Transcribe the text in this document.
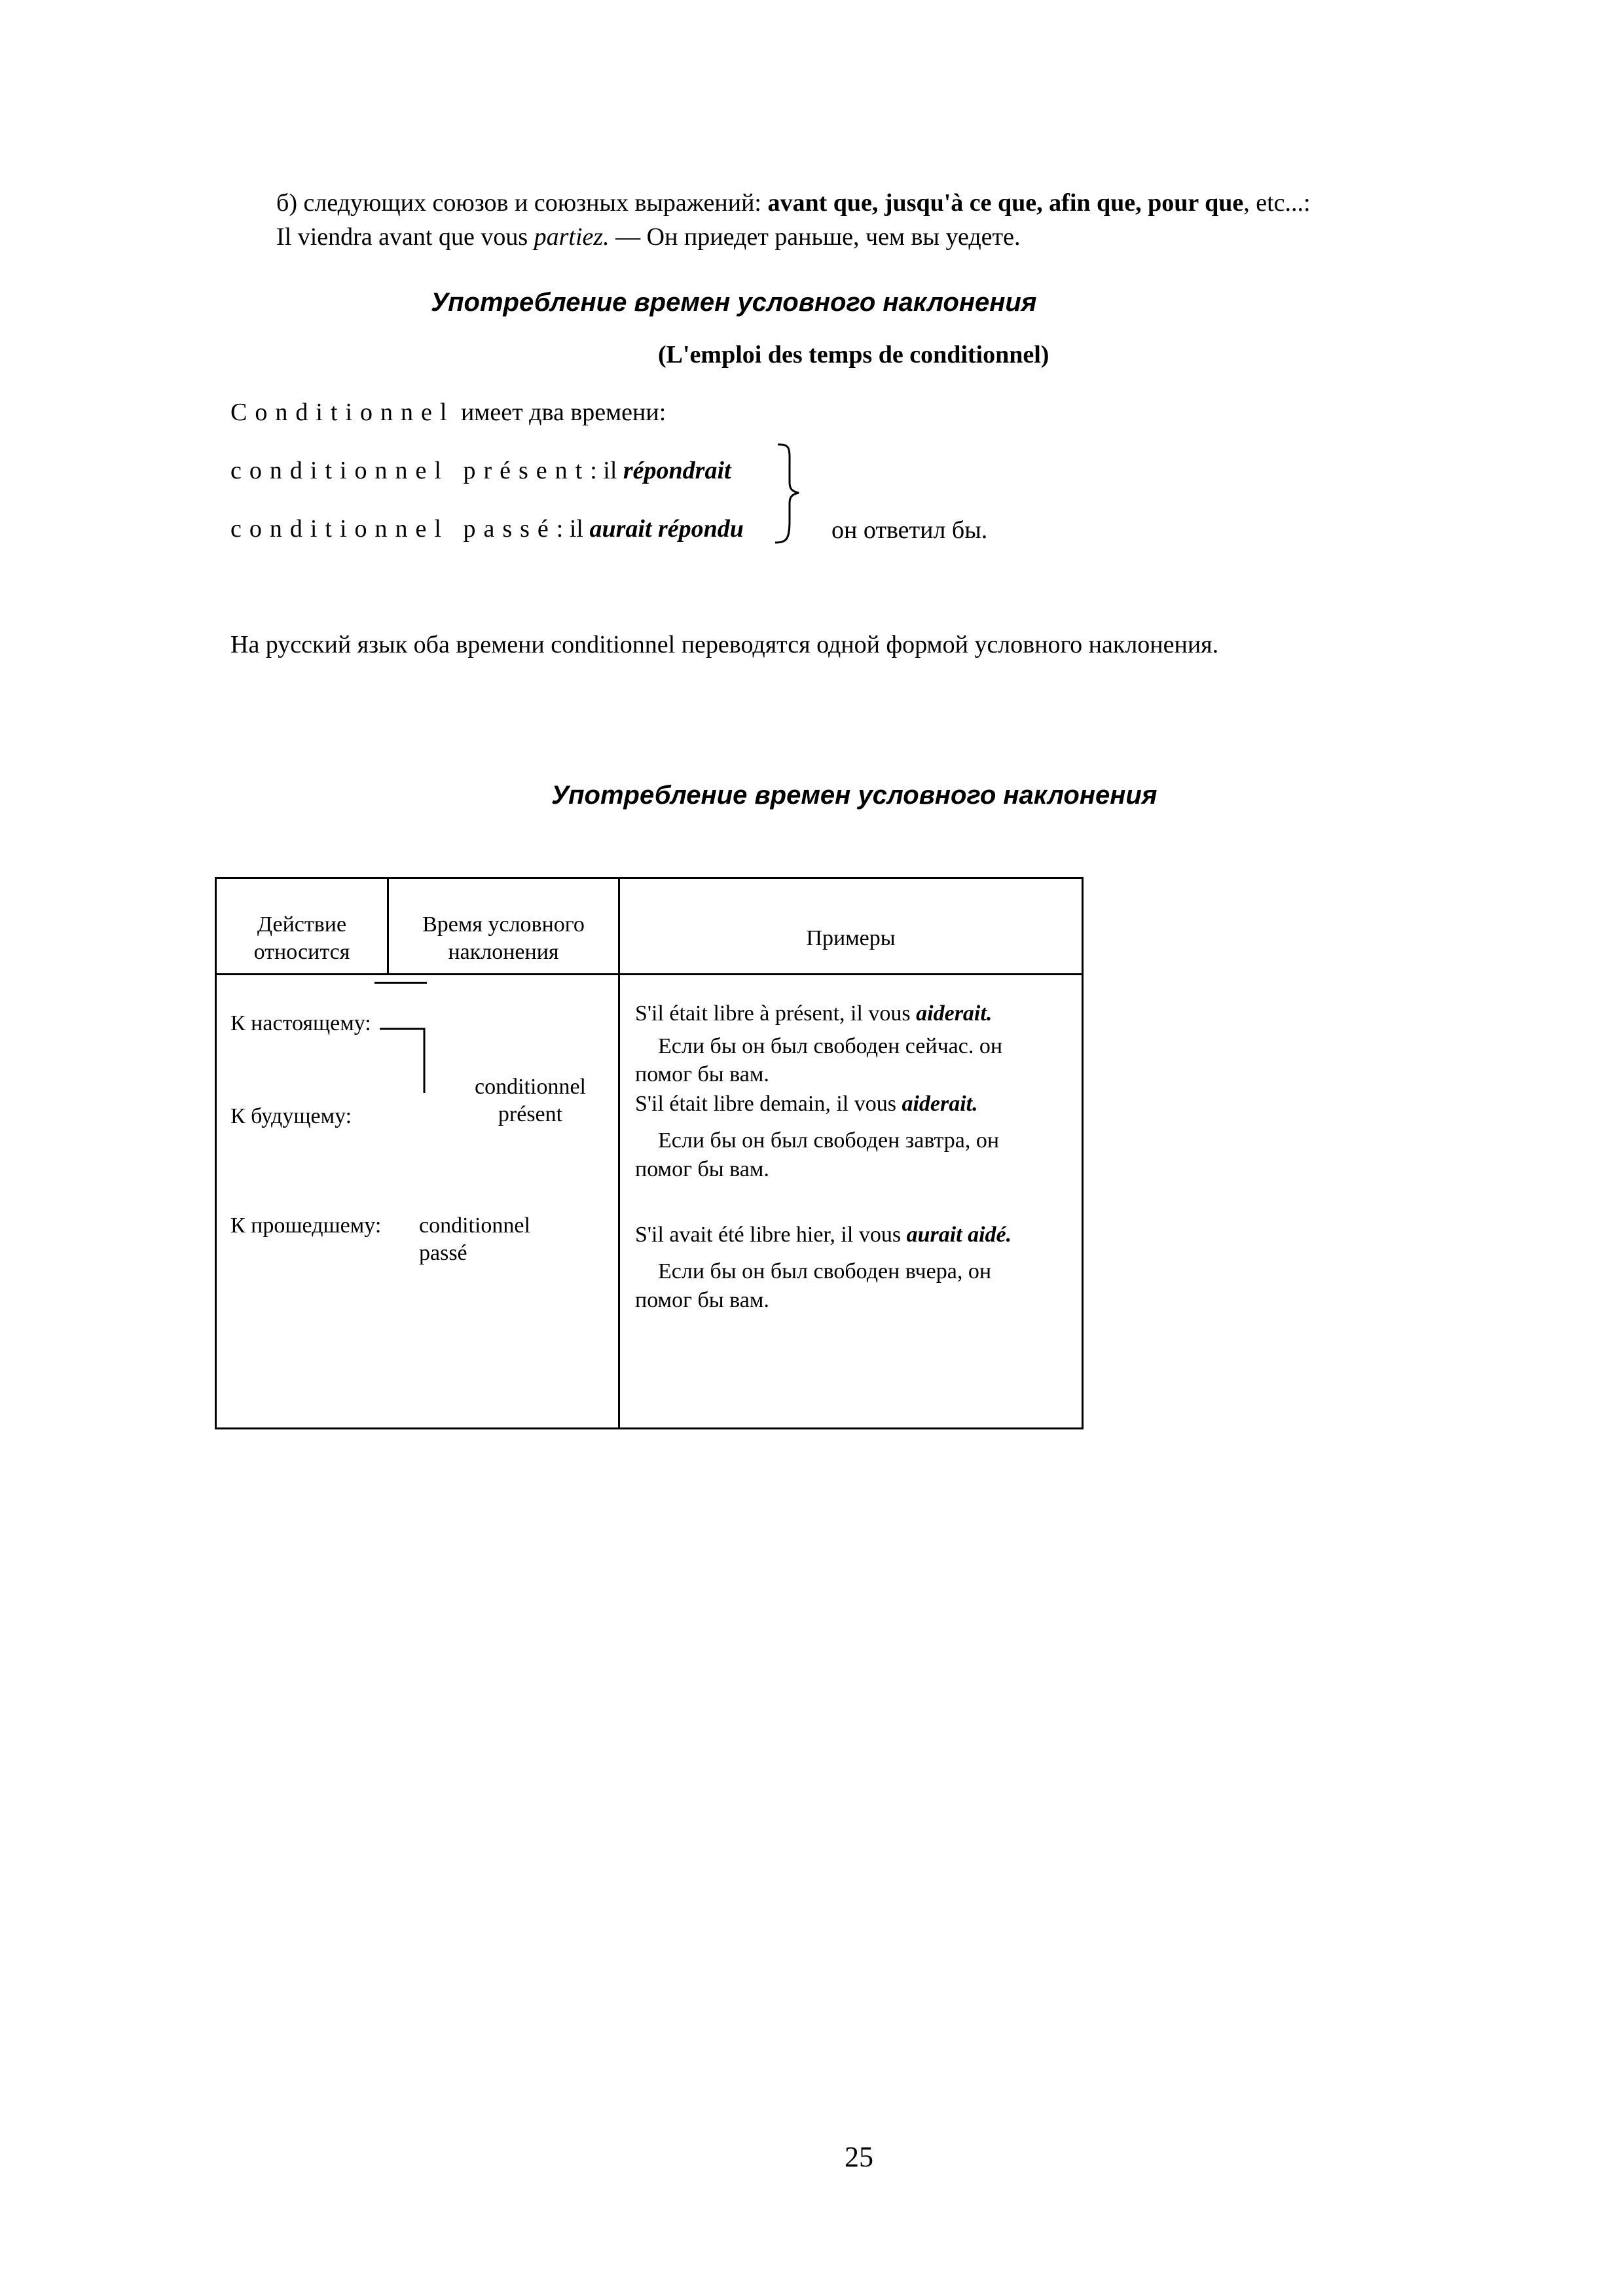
б) следующих союзов и союзных выражений: avant que, jusqu'à ce que, afin que, pour que, etc...:
Il viendra avant que vous partiez. — Он приедет раньше, чем вы уедете.
Употребление времен условного наклонения
(L'emploi des temps de conditionnel)
Conditionnel имеет два времени:
conditionnel présent: il répondrait
conditionnel passé: il aurait répondu	он ответил бы.
На русский язык оба времени conditionnel переводятся одной формой условного наклонения.
Употребление времен условного наклонения
Действие
относится
Время условного
наклонения
Примеры
К настоящему:
К будущему:
К прошедшему:
conditionnel
présent
conditionnel
passé
S'il était libre à présent, il vous aiderait.
Если бы он был свободен сейчас. он
помог бы вам.
S'il était libre demain, il vous aiderait.
Если бы он был свободен завтра, он
помог бы вам.
S'il avait été libre hier, il vous aurait aidé.
Если бы он был свободен вчера, он
помог бы вам.
25
